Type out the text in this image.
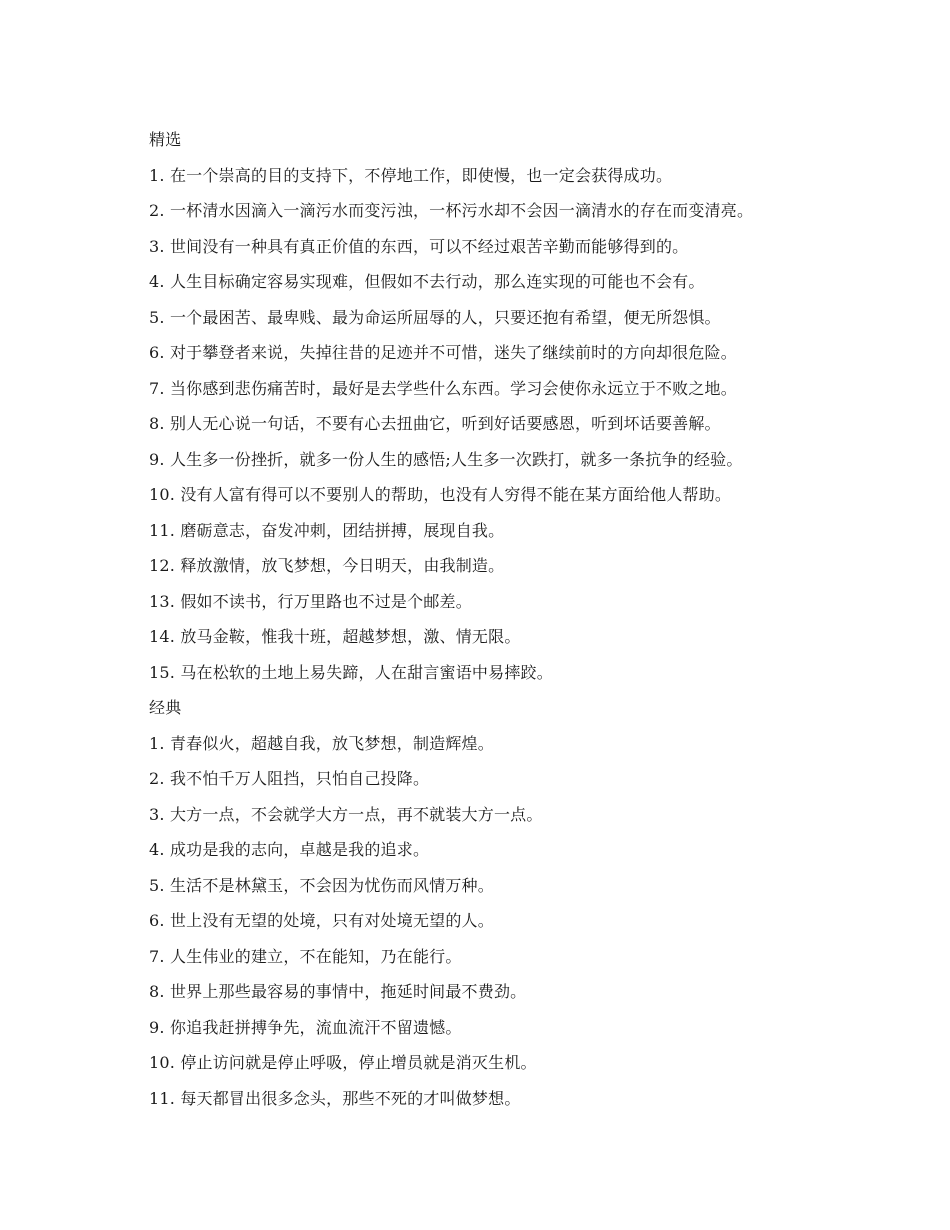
精选
1. 在一个崇高的目的支持下，不停地工作，即使慢，也一定会获得成功。
2. 一杯清水因滴入一滴污水而变污浊，一杯污水却不会因一滴清水的存在而变清亮。
3. 世间没有一种具有真正价值的东西，可以不经过艰苦辛勤而能够得到的。
4. 人生目标确定容易实现难，但假如不去行动，那么连实现的可能也不会有。
5. 一个最困苦、最卑贱、最为命运所屈辱的人，只要还抱有希望，便无所怨惧。
6. 对于攀登者来说，失掉往昔的足迹并不可惜，迷失了继续前时的方向却很危险。
7. 当你感到悲伤痛苦时，最好是去学些什么东西。学习会使你永远立于不败之地。
8. 别人无心说一句话，不要有心去扭曲它，听到好话要感恩，听到坏话要善解。
9. 人生多一份挫折，就多一份人生的感悟;人生多一次跌打，就多一条抗争的经验。
10. 没有人富有得可以不要别人的帮助，也没有人穷得不能在某方面给他人帮助。
11. 磨砺意志，奋发冲刺，团结拼搏，展现自我。
12. 释放激情，放飞梦想，今日明天，由我制造。
13. 假如不读书，行万里路也不过是个邮差。
14. 放马金鞍，惟我十班，超越梦想，激、情无限。
15. 马在松软的土地上易失蹄，人在甜言蜜语中易摔跤。
经典
1. 青春似火，超越自我，放飞梦想，制造辉煌。
2. 我不怕千万人阻挡，只怕自己投降。
3. 大方一点，不会就学大方一点，再不就装大方一点。
4. 成功是我的志向，卓越是我的追求。
5. 生活不是林黛玉，不会因为忧伤而风情万种。
6. 世上没有无望的处境，只有对处境无望的人。
7. 人生伟业的建立，不在能知，乃在能行。
8. 世界上那些最容易的事情中，拖延时间最不费劲。
9. 你追我赶拼搏争先，流血流汗不留遗憾。
10. 停止访问就是停止呼吸，停止增员就是消灭生机。
11. 每天都冒出很多念头，那些不死的才叫做梦想。
